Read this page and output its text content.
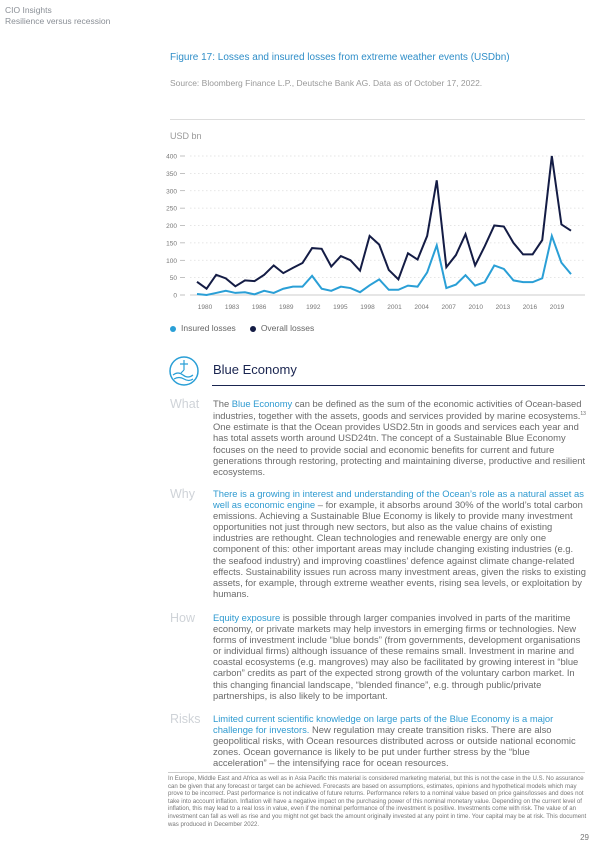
CIO Insights
Resilience versus recession
Figure 17: Losses and insured losses from extreme weather events (USDbn)
Source: Bloomberg Finance L.P., Deutsche Bank AG. Data as of October 17, 2022.
USD bn
0
50
100
150
200
250
300
350
400
1980 1983 1986 1989 1992 1995 1998 2001 2004 2007 2010 2013 2016 2019
Insured losses	Overall losses
Blue Economy
What	The Blue Economy can be defined as the sum of the economic activities of Ocean-based industries, together with the assets, goods and services provided by marine ecosystems.$^{13}$ One estimate is that the Ocean provides USD2.5tn in goods and services each year and has total assets worth around USD24tn. The concept of a Sustainable Blue Economy focuses on the need to provide social and economic benefits for current and future generations through restoring, protecting and maintaining diverse, productive and resilient ecosystems.
Why	There is a growing in interest and understanding of the Ocean’s role as a natural asset as well as economic engine – for example, it absorbs around 30% of the world’s total carbon emissions. Achieving a Sustainable Blue Economy is likely to provide many investment opportunities not just through new sectors, but also as the value chains of existing industries are rethought. Clean technologies and renewable energy are only one component of this: other important areas may include changing existing industries (e.g. the seafood industry) and improving coastlines’ defence against climate change-related effects. Sustainability issues run across many investment areas, given the risks to existing assets, for example, through extreme weather events, rising sea levels, or exploitation by humans.
How	Equity exposure is possible through larger companies involved in parts of the maritime economy, or private markets may help investors in emerging firms or technologies. New forms of investment include “blue bonds” (from governments, development organisations or individual firms) although issuance of these remains small. Investment in marine and coastal ecosystems (e.g. mangroves) may also be facilitated by growing interest in “blue carbon” credits as part of the expected strong growth of the voluntary carbon market. In this changing financial landscape, “blended finance”, e.g. through public/private partnerships, is also likely to be important.
Risks	Limited current scientific knowledge on large parts of the Blue Economy is a major challenge for investors. New regulation may create transition risks. There are also geopolitical risks, with Ocean resources distributed across or outside national economic zones. Ocean governance is likely to be put under further stress by the “blue acceleration” – the intensifying race for ocean resources.
In Europe, Middle East and Africa as well as in Asia Pacific this material is considered marketing material, but this is not the case in the U.S. No assurance can be given that any forecast or target can be achieved. Forecasts are based on assumptions, estimates, opinions and hypothetical models which may prove to be incorrect. Past performance is not indicative of future returns. Performance refers to a nominal value based on price gains/losses and does not take into account inflation. Inflation will have a negative impact on the purchasing power of this nominal monetary value. Depending on the current level of inflation, this may lead to a real loss in value, even if the nominal performance of the investment is positive. Investments come with risk. The value of an investment can fall as well as rise and you might not get back the amount originally invested at any point in time. Your capital may be at risk. This document was produced in December 2022.
29
